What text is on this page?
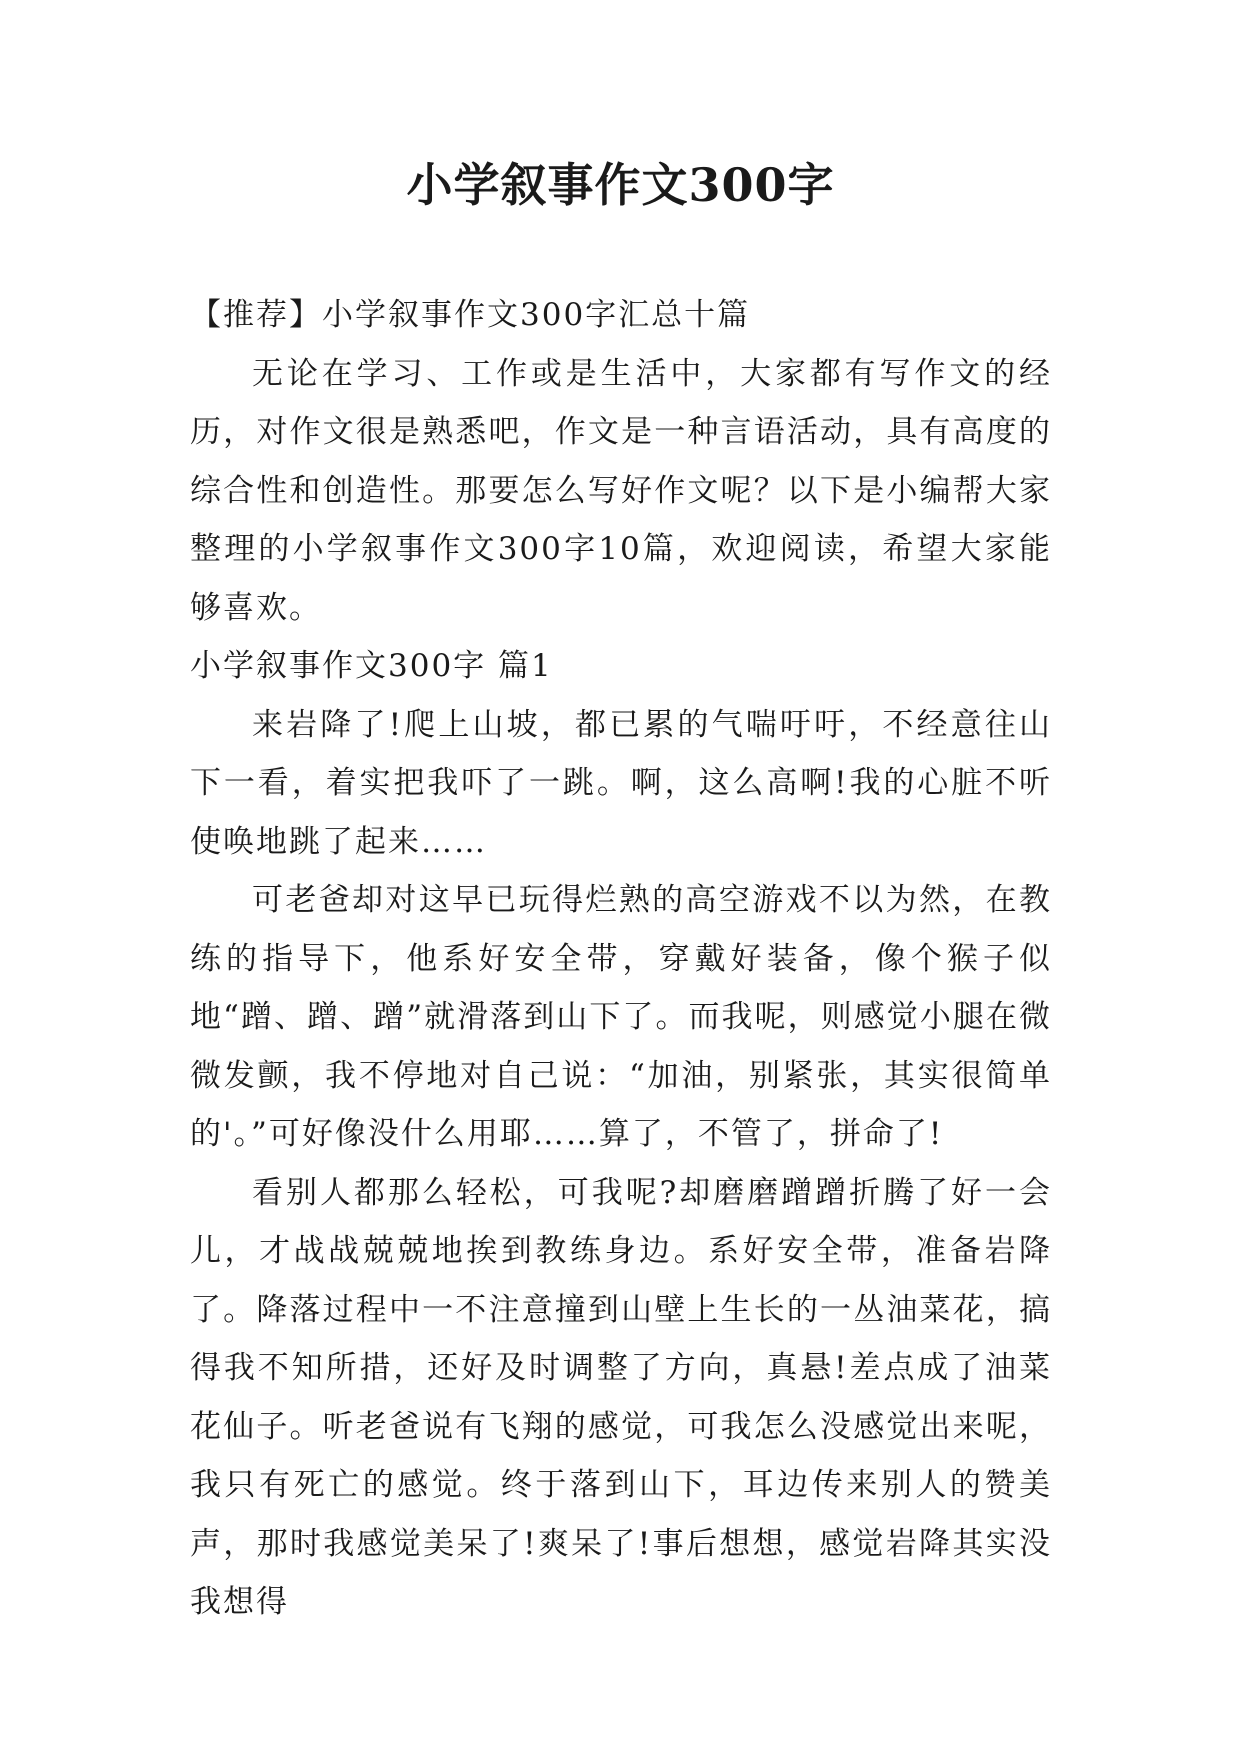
小学叙事作文300字

【推荐】小学叙事作文300字汇总十篇

无论在学习、工作或是生活中，大家都有写作文的经历，对作文很是熟悉吧，作文是一种言语活动，具有高度的综合性和创造性。那要怎么写好作文呢？以下是小编帮大家整理的小学叙事作文300字10篇，欢迎阅读，希望大家能够喜欢。

小学叙事作文300字 篇1

来岩降了!爬上山坡，都已累的气喘吁吁，不经意往山下一看，着实把我吓了一跳。啊，这么高啊!我的心脏不听使唤地跳了起来……

可老爸却对这早已玩得烂熟的高空游戏不以为然，在教练的指导下，他系好安全带，穿戴好装备，像个猴子似地“蹭、蹭、蹭”就滑落到山下了。而我呢，则感觉小腿在微微发颤，我不停地对自己说：“加油，别紧张，其实很简单的'。”可好像没什么用耶……算了，不管了，拼命了!

看别人都那么轻松，可我呢?却磨磨蹭蹭折腾了好一会儿，才战战兢兢地挨到教练身边。系好安全带，准备岩降了。降落过程中一不注意撞到山壁上生长的一丛油菜花，搞得我不知所措，还好及时调整了方向，真悬!差点成了油菜花仙子。听老爸说有飞翔的感觉，可我怎么没感觉出来呢，我只有死亡的感觉。终于落到山下，耳边传来别人的赞美声，那时我感觉美呆了!爽呆了!事后想想，感觉岩降其实没我想得
